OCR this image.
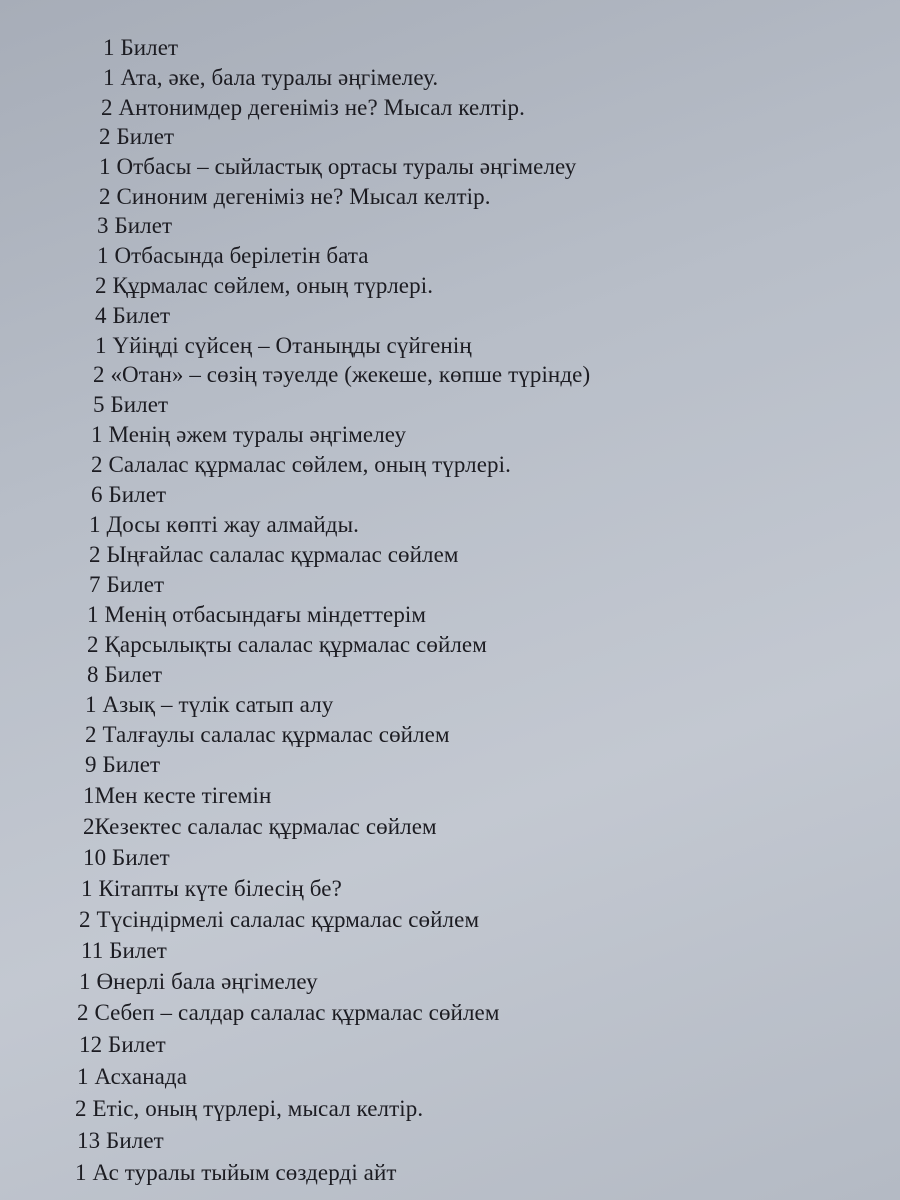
1 Билет
1 Ата, әке, бала туралы әңгімелеу.
2 Антонимдер дегеніміз не? Мысал келтір.
2 Билет
1 Отбасы – сыйластық ортасы туралы әңгімелеу
2 Синоним дегеніміз не? Мысал келтір.
3 Билет
1 Отбасында берілетін бата
2 Құрмалас сөйлем, оның түрлері.
4 Билет
1 Үйіңді сүйсең – Отаныңды сүйгенің
2 «Отан» – сөзің тәуелде (жекеше, көпше түрінде)
5 Билет
1 Менің әжем туралы әңгімелеу
2 Салалас құрмалас сөйлем, оның түрлері.
6 Билет
1 Досы көпті жау алмайды.
2 Ыңғайлас салалас құрмалас сөйлем
7 Билет
1 Менің отбасындағы міндеттерім
2 Қарсылықты салалас құрмалас сөйлем
8 Билет
1 Азық – түлік сатып алу
2 Талғаулы салалас құрмалас сөйлем
9 Билет
1Мен кесте тігемін
2Кезектес салалас құрмалас сөйлем
10 Билет
1 Кітапты күте білесің бе?
2 Түсіндірмелі салалас құрмалас сөйлем
11 Билет
1 Өнерлі бала әңгімелеу
2 Себеп – салдар салалас құрмалас сөйлем
12 Билет
1 Асханада
2 Етіс, оның түрлері, мысал келтір.
13 Билет
1 Ас туралы тыйым сөздерді айт
